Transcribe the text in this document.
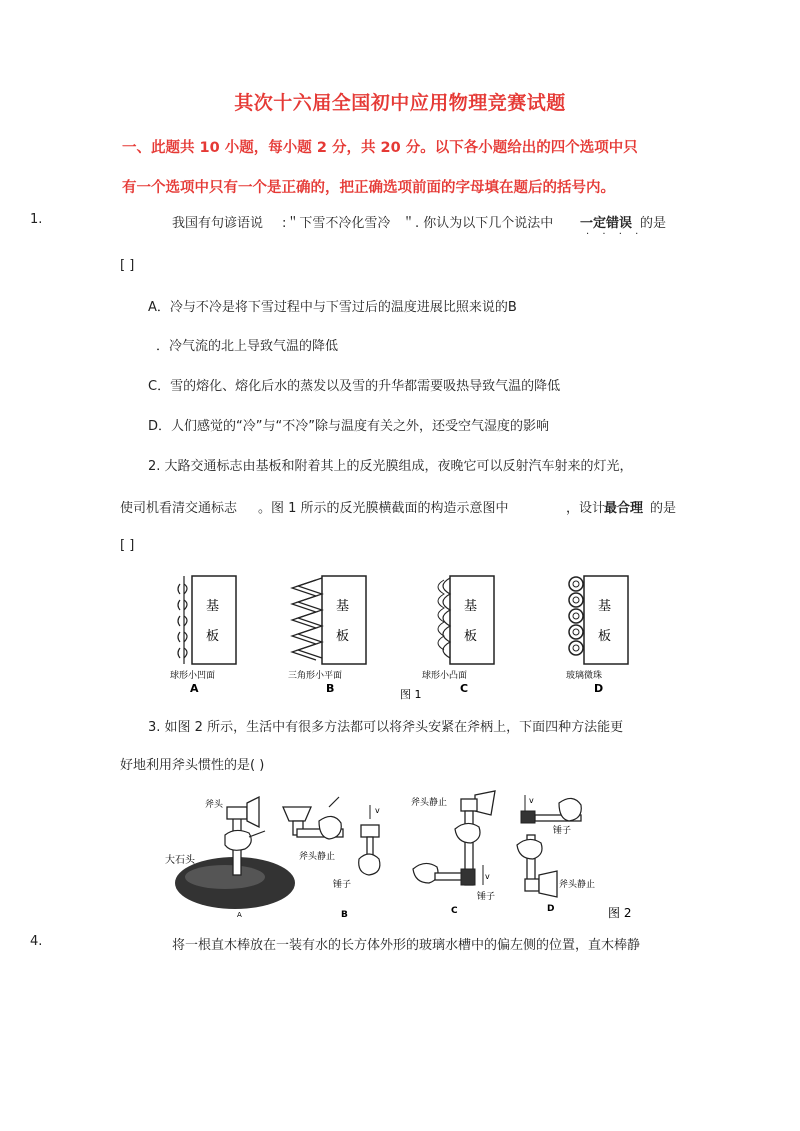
其次十六届全国初中应用物理竞赛试题
一、此题共 10 小题，每小题 2 分，共 20 分。以下各小题给出的四个选项中只
有一个选项中只有一个是正确的，把正确选项前面的字母填在题后的括号内。
1.	我国有句谚语说 :＂下雪不冷化雪冷 ＂. 你认为以下几个说法中 一定错误
· · · ·
的是
[ ]
A．冷与不冷是将下雪过程中与下雪过后的温度进展比照来说的B
．冷气流的北上导致气温的降低
C．雪的熔化、熔化后水的蒸发以及雪的升华都需要吸热导致气温的降低
D．人们感觉的“冷”与“不冷”除与温度有关之外，还受空气湿度的影响
2. 大路交通标志由基板和附着其上的反光膜组成，夜晚它可以反射汽车射来的灯光，
使司机看清交通标志 。图 1 所示的反光膜横截面的构造示意图中	，设计
最合理 的是
[ ]
基
板
球形小凹面
A
基
板
三角形小平面
B
基
板
球形小凸面
C
基
板
玻璃微珠
D
图 1
3. 如图 2 所示，生活中有很多方法都可以将斧头安紧在斧柄上，下面四种方法能更
好地利用斧头惯性的是( )
斧头
大石头
A
v
斧头静止
锤子
B
斧头静止
v
锤子
C
v
锤子
斧头静止
D	图 2
4.	将一根直木棒放在一装有水的长方体外形的玻璃水槽中的偏左侧的位置，直木棒静
